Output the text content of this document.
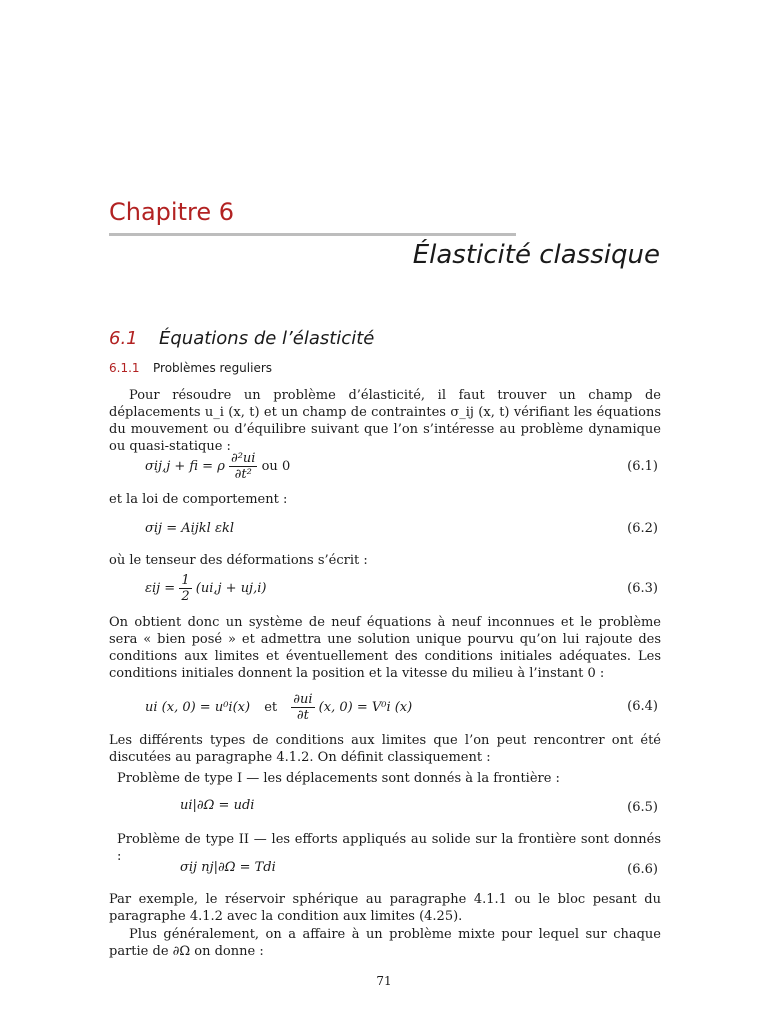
Chapitre 6
Élasticité classique
6.1 Équations de l’élasticité
6.1.1 Problèmes reguliers
Pour résoudre un problème d’élasticité, il faut trouver un champ de déplacements u_i (x, t) et un champ de contraintes σ_ij (x, t) vérifiant les équations du mouvement ou d’équilibre suivant que l’on s’intéresse au problème dynamique ou quasi-statique :
σij,j + fi = ρ $\frac{\text{∂²ui}}{\text{∂t²}}$ ou 0	(6.1)
et la loi de comportement :
σij = Aijkl εkl	(6.2)
où le tenseur des déformations s’écrit :
$\varepsilon ij = \frac{1}{2} (ui,j + uj,i)$	(6.3)
On obtient donc un système de neuf équations à neuf inconnues et le problème sera « bien posé » et admettra une solution unique pourvu qu’on lui rajoute des conditions aux limites et éventuellement des conditions initiales adéquates. Les conditions initiales donnent la position et la vitesse du milieu à l’instant 0 :
ui (x, 0) = u⁰i(x) et $\frac{\partial ui}{\partial t} (x$, 0) = V⁰i (x)	(6.4)
Les différents types de conditions aux limites que l’on peut rencontrer ont été discutées au paragraphe 4.1.2. On définit classiquement :
Problème de type I — les déplacements sont donnés à la frontière :
ui|∂Ω = udi	(6.5)
Problème de type II — les efforts appliqués au solide sur la frontière sont donnés :
σij nj|∂Ω = Tdi	(6.6)
Par exemple, le réservoir sphérique au paragraphe 4.1.1 ou le bloc pesant du paragraphe 4.1.2 avec la condition aux limites (4.25).
Plus généralement, on a affaire à un problème mixte pour lequel sur chaque partie de ∂Ω on donne :
71
